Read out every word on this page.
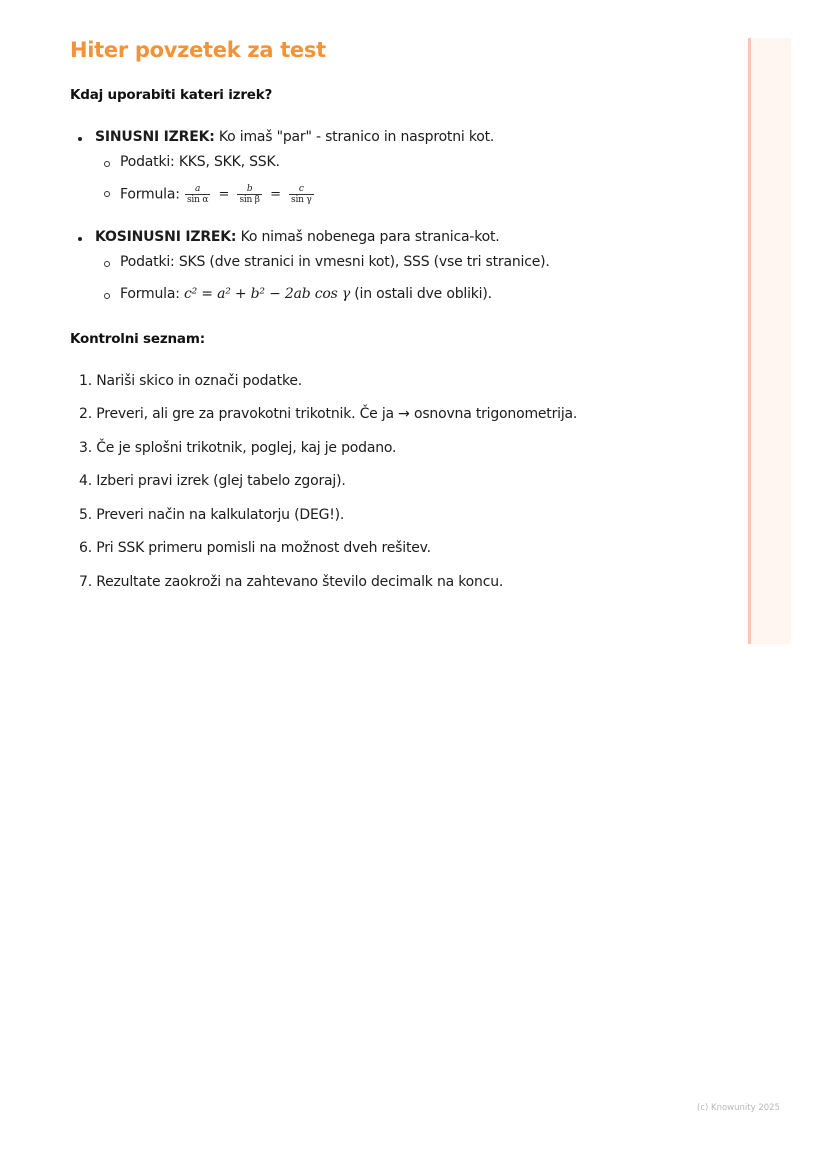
Hiter povzetek za test
Kdaj uporabiti kateri izrek?
SINUSNI IZREK: Ko imaš "par" - stranico in nasprotni kot.
Podatki: KKS, SKK, SSK.
Formula: $\frac{a}{\text{sin α}} = \frac{b}{\text{sin β}} = \frac{c}{\text{sin γ}}$
KOSINUSNI IZREK: Ko nimaš nobenega para stranica-kot.
Podatki: SKS (dve stranici in vmesni kot), SSS (vse tri stranice).
Formula: c² = a² + b² − 2ab cos γ (in ostali dve obliki).
Kontrolni seznam:
1. Nariši skico in označi podatke.
2. Preveri, ali gre za pravokotni trikotnik. Če ja → osnovna trigonometrija.
3. Če je splošni trikotnik, poglej, kaj je podano.
4. Izberi pravi izrek (glej tabelo zgoraj).
5. Preveri način na kalkulatorju (DEG!).
6. Pri SSK primeru pomisli na možnost dveh rešitev.
7. Rezultate zaokroži na zahtevano število decimalk na koncu.
(c) Knowunity 2025
